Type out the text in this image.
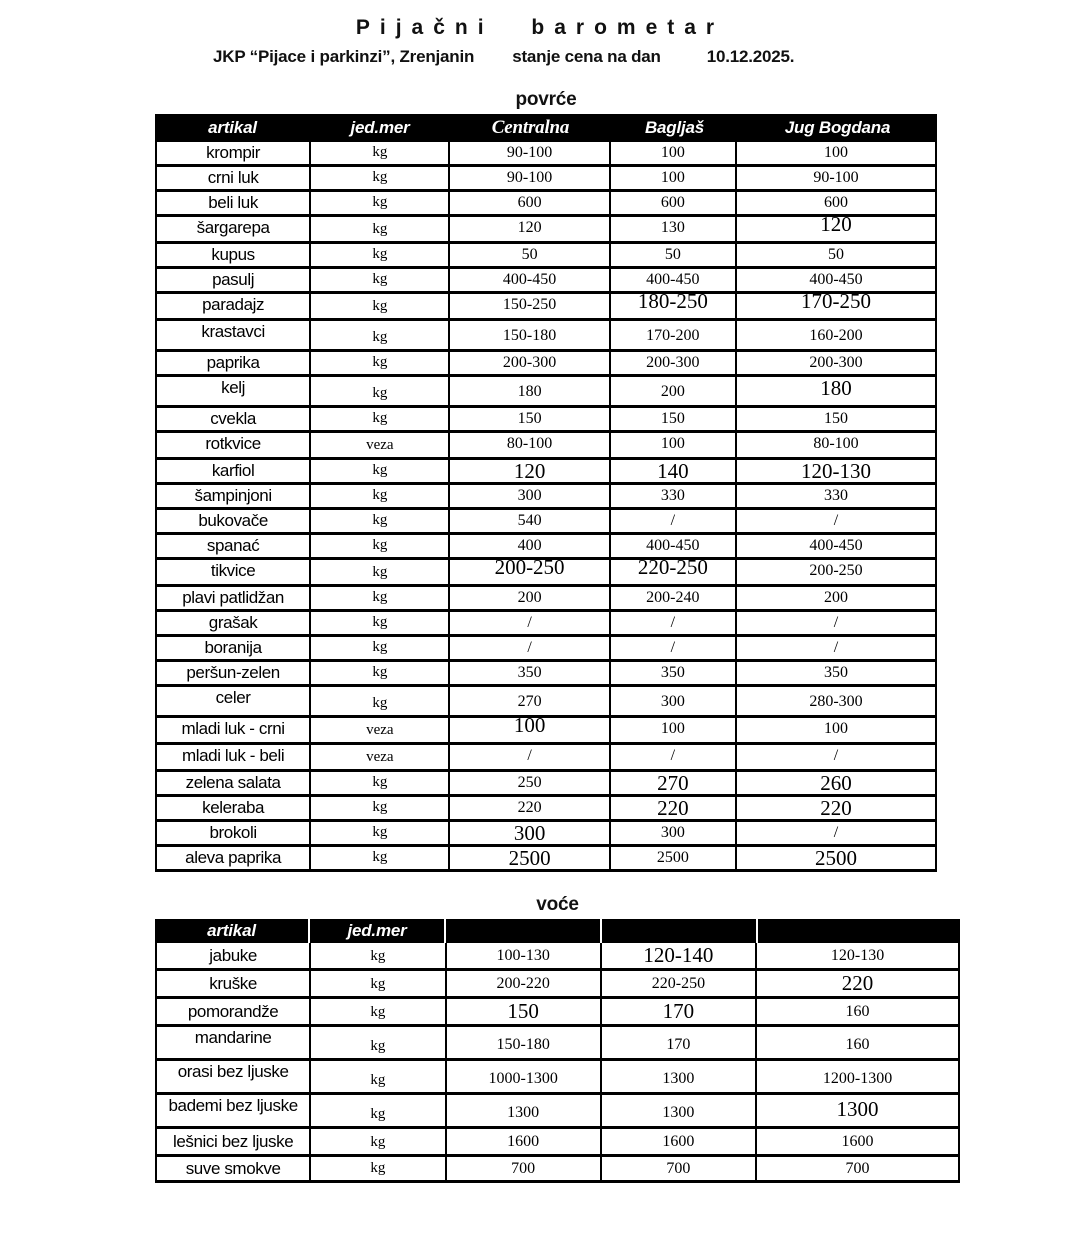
Pijačni barometar
JKP “Pijace i parkinzi”, Zrenjanin stanje cena na dan	10.12.2025.
povrće
artikal	jed.mer	Centralna	Bagljaš	Jug Bogdana
krompir	kg	90-100	100	100
crni luk	kg	90-100	100	90-100
beli luk	kg	600	600	600
šargarepa	kg	120	130	120
kupus	kg	50	50	50
pasulj	kg	400-450	400-450	400-450
paradajz	kg	150-250	180-250	170-250
krastavci	kg	150-180	170-200	160-200
paprika	kg	200-300	200-300	200-300
kelj	kg	180	200	180
cvekla	kg	150	150	150
rotkvice	veza	80-100	100	80-100
karfiol	kg	120	140	120-130
šampinjoni	kg	300	330	330
bukovače	kg	540	/	/
spanać	kg	400	400-450	400-450
tikvice	kg	200-250	220-250	200-250
plavi patlidžan	kg	200	200-240	200
grašak	kg	/	/	/
boranija	kg	/	/	/
peršun-zelen	kg	350	350	350
celer	kg	270	300	280-300
mladi luk - crni	veza	100	100	100
mladi luk - beli	veza	/	/	/
zelena salata	kg	250	270	260
keleraba	kg	220	220	220
brokoli	kg	300	300	/
aleva paprika	kg	2500	2500	2500
voće
artikal	jed.mer
jabuke	kg	100-130	120-140	120-130
kruške	kg	200-220	220-250	220
pomorandže	kg	150	170	160
mandarine	kg	150-180	170	160
orasi bez ljuske	kg	1000-1300	1300	1200-1300
bademi bez ljuske	kg	1300	1300	1300
lešnici bez ljuske	kg	1600	1600	1600
suve smokve	kg	700	700	700
